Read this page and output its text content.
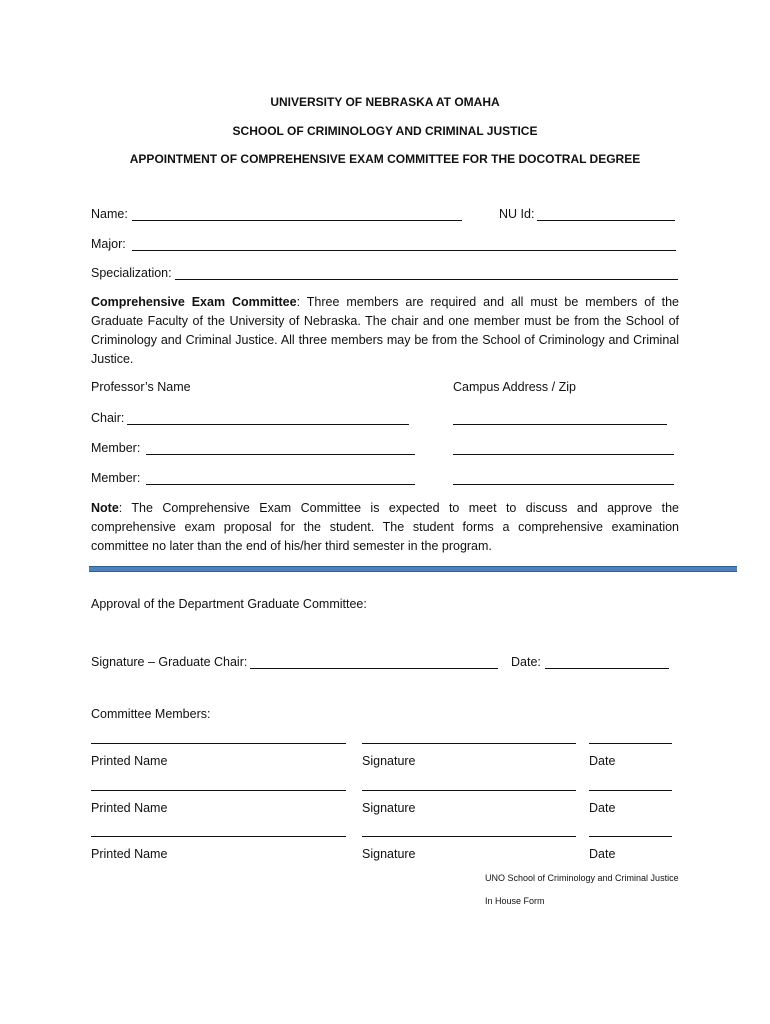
UNIVERSITY OF NEBRASKA AT OMAHA
SCHOOL OF CRIMINOLOGY AND CRIMINAL JUSTICE
APPOINTMENT OF COMPREHENSIVE EXAM COMMITTEE FOR THE DOCOTRAL DEGREE
Name:	NU Id:
Major:
Specialization:
Comprehensive Exam Committee: Three members are required and all must be members of the Graduate Faculty of the University of Nebraska. The chair and one member must be from the School of Criminology and Criminal Justice. All three members may be from the School of Criminology and Criminal Justice.
Professor’s Name	Campus Address / Zip
Chair:
Member:
Member:
Note: The Comprehensive Exam Committee is expected to meet to discuss and approve the comprehensive exam proposal for the student. The student forms a comprehensive examination committee no later than the end of his/her third semester in the program.
Approval of the Department Graduate Committee:
Signature – Graduate Chair:	Date:
Committee Members:
Printed Name	Signature	Date
Printed Name	Signature	Date
Printed Name	Signature	Date
UNO School of Criminology and Criminal Justice
In House Form
